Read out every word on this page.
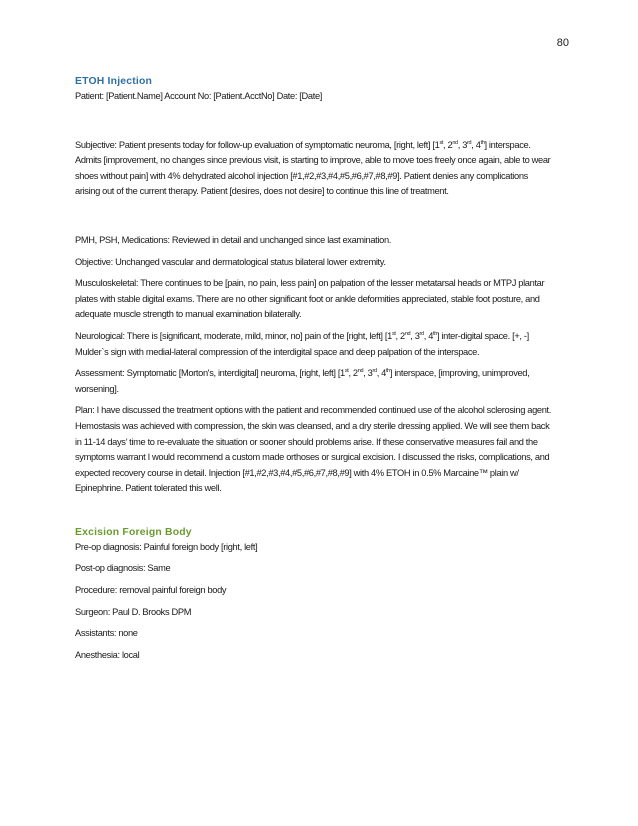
80
ETOH Injection

Patient: [Patient.Name] Account No: [Patient.AcctNo] Date: [Date]

Subjective: Patient presents today for follow-up evaluation of symptomatic neuroma, [right, left] [1st, 2nd, 3rd, 4th] interspace. Admits [improvement, no changes since previous visit, is starting to improve, able to move toes freely once again, able to wear shoes without pain] with 4% dehydrated alcohol injection [#1,#2,#3,#4,#5,#6,#7,#8,#9]. Patient denies any complications arising out of the current therapy. Patient [desires, does not desire] to continue this line of treatment.

PMH, PSH, Medications: Reviewed in detail and unchanged since last examination.

Objective: Unchanged vascular and dermatological status bilateral lower extremity.

Musculoskeletal: There continues to be [pain, no pain, less pain] on palpation of the lesser metatarsal heads or MTPJ plantar plates with stable digital exams. There are no other significant foot or ankle deformities appreciated, stable foot posture, and adequate muscle strength to manual examination bilaterally.

Neurological: There is [significant, moderate, mild, minor, no] pain of the [right, left] [1st, 2nd, 3rd, 4th] inter-digital space. [+, -] Mulder`s sign with medial-lateral compression of the interdigital space and deep palpation of the interspace.

Assessment: Symptomatic [Morton's, interdigital] neuroma, [right, left] [1st, 2nd, 3rd, 4th] interspace, [improving, unimproved, worsening].

Plan: I have discussed the treatment options with the patient and recommended continued use of the alcohol sclerosing agent. Hemostasis was achieved with compression, the skin was cleansed, and a dry sterile dressing applied. We will see them back in 11-14 days’ time to re-evaluate the situation or sooner should problems arise. If these conservative measures fail and the symptoms warrant I would recommend a custom made orthoses or surgical excision. I discussed the risks, complications, and expected recovery course in detail. Injection [#1,#2,#3,#4,#5,#6,#7,#8,#9] with 4% ETOH in 0.5% Marcaine™ plain w/ Epinephrine. Patient tolerated this well.

Excision Foreign Body

Pre-op diagnosis: Painful foreign body [right, left]

Post-op diagnosis: Same

Procedure: removal painful foreign body

Surgeon: Paul D. Brooks DPM

Assistants: none

Anesthesia: local
